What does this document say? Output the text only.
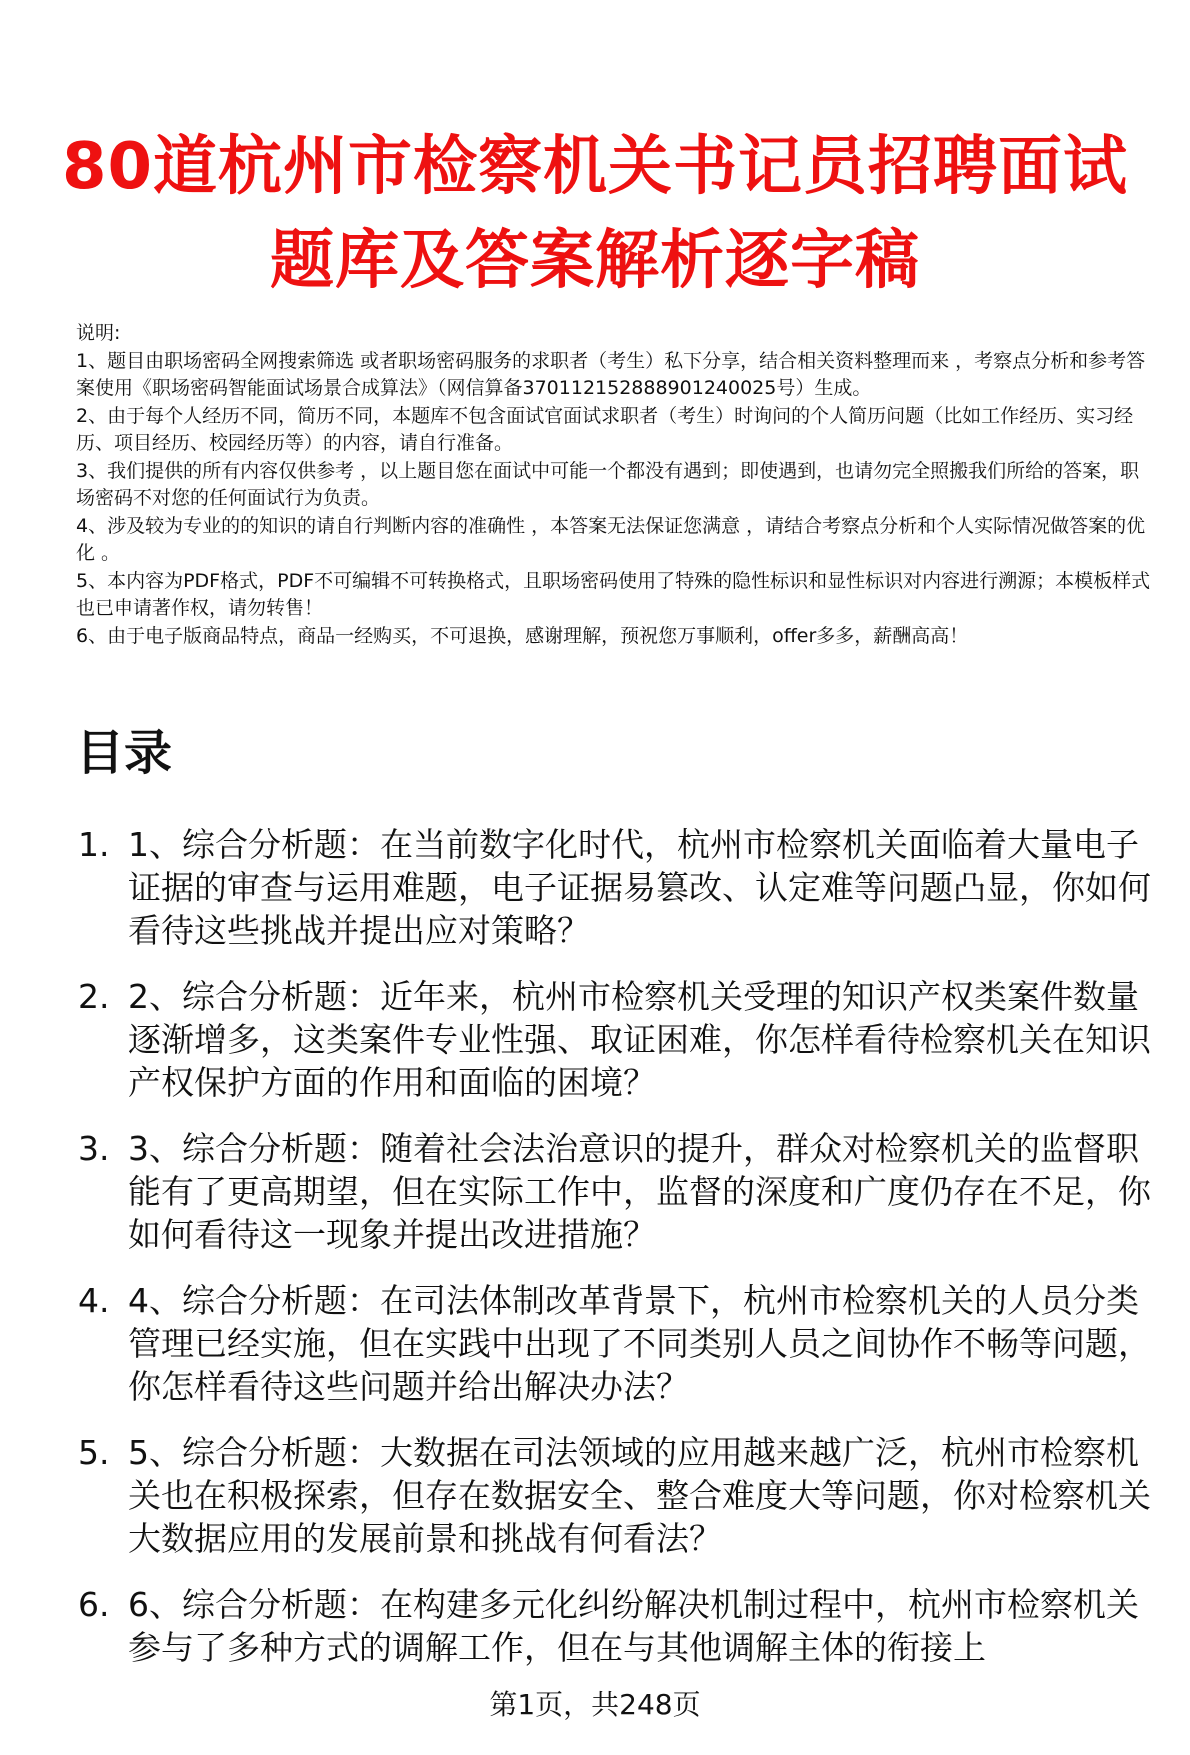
80道杭州市检察机关书记员招聘面试题库及答案解析逐字稿

说明:

1、题目由职场密码全网搜索筛选 或者职场密码服务的求职者（考生）私下分享，结合相关资料整理而来 ，考察点分析和参考答案使用《职场密码智能面试场景合成算法》（网信算备370112152888901240025号）生成。

2、由于每个人经历不同，简历不同，本题库不包含面试官面试求职者（考生）时询问的个人简历问题（比如工作经历、实习经历、项目经历、校园经历等）的内容，请自行准备。

3、我们提供的所有内容仅供参考 ，以上题目您在面试中可能一个都没有遇到；即使遇到，也请勿完全照搬我们所给的答案，职场密码不对您的任何面试行为负责。

4、涉及较为专业的的知识的请自行判断内容的准确性 ，本答案无法保证您满意 ，请结合考察点分析和个人实际情况做答案的优化 。

5、本内容为PDF格式，PDF不可编辑不可转换格式，且职场密码使用了特殊的隐性标识和显性标识对内容进行溯源；本模板样式也已申请著作权，请勿转售！

6、由于电子版商品特点，商品一经购买，不可退换，感谢理解，预祝您万事顺利，offer多多，薪酬高高！

目录
1. 1、综合分析题：在当前数字化时代，杭州市检察机关面临着大量电子证据的审查与运用难题，电子证据易篡改、认定难等问题凸显，你如何看待这些挑战并提出应对策略？
2. 2、综合分析题：近年来，杭州市检察机关受理的知识产权类案件数量逐渐增多，这类案件专业性强、取证困难，你怎样看待检察机关在知识产权保护方面的作用和面临的困境？
3. 3、综合分析题：随着社会法治意识的提升，群众对检察机关的监督职能有了更高期望，但在实际工作中，监督的深度和广度仍存在不足，你如何看待这一现象并提出改进措施？
4. 4、综合分析题：在司法体制改革背景下，杭州市检察机关的人员分类管理已经实施，但在实践中出现了不同类别人员之间协作不畅等问题，你怎样看待这些问题并给出解决办法？
5. 5、综合分析题：大数据在司法领域的应用越来越广泛，杭州市检察机关也在积极探索，但存在数据安全、整合难度大等问题，你对检察机关大数据应用的发展前景和挑战有何看法？
6. 6、综合分析题：在构建多元化纠纷解决机制过程中，杭州市检察机关参与了多种方式的调解工作，但在与其他调解主体的衔接上
第1页，共248页
